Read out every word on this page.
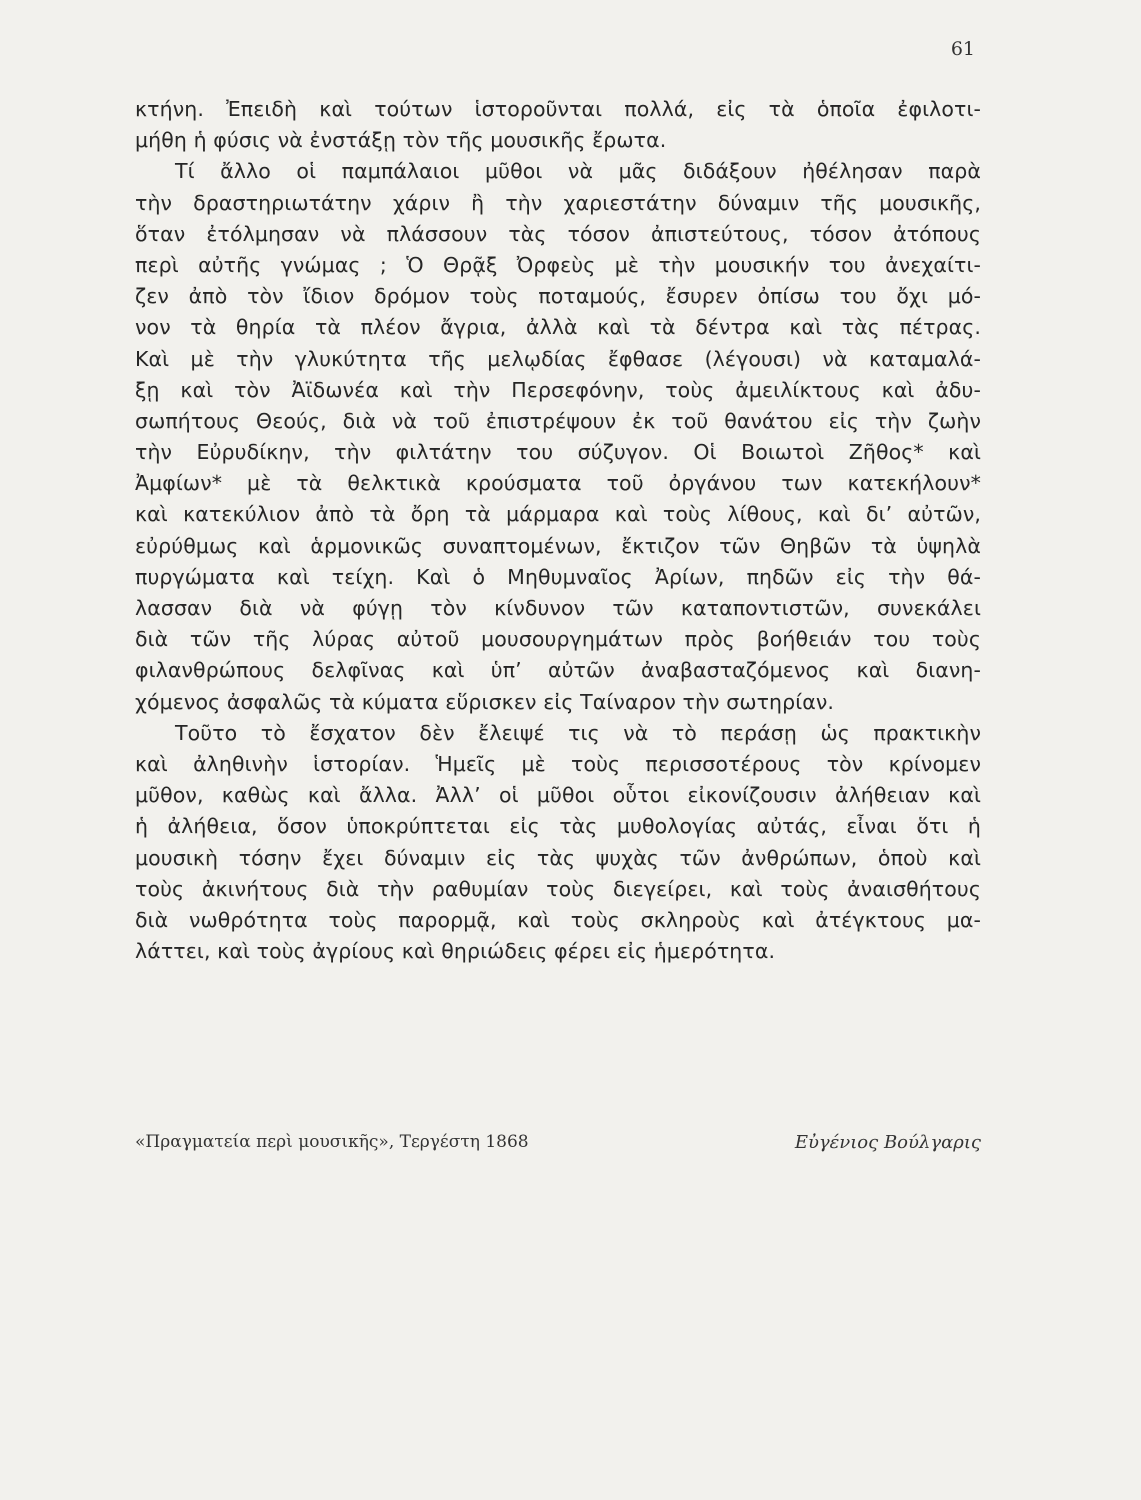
61
κτήνη. Ἐπειδὴ καὶ τούτων ἱστοροῦνται πολλά, εἰς τὰ ὁποῖα ἐφιλοτι-
μήθη ἡ φύσις νὰ ἐνστάξῃ τὸν τῆς μουσικῆς ἔρωτα.
Τί ἄλλο οἱ παμπάλαιοι μῦθοι νὰ μᾶς διδάξουν ἠθέλησαν παρὰ
τὴν δραστηριωτάτην χάριν ἢ τὴν χαριεστάτην δύναμιν τῆς μουσικῆς,
ὅταν ἐτόλμησαν νὰ πλάσσουν τὰς τόσον ἀπιστεύτους, τόσον ἀτόπους
περὶ αὐτῆς γνώμας ; Ὁ Θρᾷξ Ὀρφεὺς μὲ τὴν μουσικήν του ἀνεχαίτι-
ζεν ἀπὸ τὸν ἴδιον δρόμον τοὺς ποταμούς, ἔσυρεν ὀπίσω του ὄχι μό-
νον τὰ θηρία τὰ πλέον ἄγρια, ἀλλὰ καὶ τὰ δέντρα καὶ τὰς πέτρας.
Καὶ μὲ τὴν γλυκύτητα τῆς μελῳδίας ἔφθασε (λέγουσι) νὰ καταμαλά-
ξῃ καὶ τὸν Ἀϊδωνέα καὶ τὴν Περσεφόνην, τοὺς ἀμειλίκτους καὶ ἀδυ-
σωπήτους Θεούς, διὰ νὰ τοῦ ἐπιστρέψουν ἐκ τοῦ θανάτου εἰς τὴν ζωὴν
τὴν Εὐρυδίκην, τὴν φιλτάτην του σύζυγον. Οἱ Βοιωτοὶ Ζῆθος* καὶ
Ἀμφίων* μὲ τὰ θελκτικὰ κρούσματα τοῦ ὀργάνου των κατεκήλουν*
καὶ κατεκύλιον ἀπὸ τὰ ὄρη τὰ μάρμαρα καὶ τοὺς λίθους, καὶ δι’ αὐτῶν,
εὐρύθμως καὶ ἁρμονικῶς συναπτομένων, ἔκτιζον τῶν Θηβῶν τὰ ὑψηλὰ
πυργώματα καὶ τείχη. Καὶ ὁ Μηθυμναῖος Ἀρίων, πηδῶν εἰς τὴν θά-
λασσαν διὰ νὰ φύγῃ τὸν κίνδυνον τῶν καταποντιστῶν, συνεκάλει
διὰ τῶν τῆς λύρας αὐτοῦ μουσουργημάτων πρὸς βοήθειάν του τοὺς
φιλανθρώπους δελφῖνας καὶ ὑπ’ αὐτῶν ἀναβασταζόμενος καὶ διανη-
χόμενος ἀσφαλῶς τὰ κύματα εὕρισκεν εἰς Ταίναρον τὴν σωτηρίαν.
Τοῦτο τὸ ἔσχατον δὲν ἔλειψέ τις νὰ τὸ περάσῃ ὡς πρακτικὴν
καὶ ἀληθινὴν ἱστορίαν. Ἡμεῖς μὲ τοὺς περισσοτέρους τὸν κρίνομεν
μῦθον, καθὼς καὶ ἄλλα. Ἀλλ’ οἱ μῦθοι οὗτοι εἰκονίζουσιν ἀλήθειαν καὶ
ἡ ἀλήθεια, ὅσον ὑποκρύπτεται εἰς τὰς μυθολογίας αὐτάς, εἶναι ὅτι ἡ
μουσικὴ τόσην ἔχει δύναμιν εἰς τὰς ψυχὰς τῶν ἀνθρώπων, ὁποὺ καὶ
τοὺς ἀκινήτους διὰ τὴν ραθυμίαν τοὺς διεγείρει, καὶ τοὺς ἀναισθήτους
διὰ νωθρότητα τοὺς παρορμᾷ, καὶ τοὺς σκληροὺς καὶ ἀτέγκτους μα-
λάττει, καὶ τοὺς ἀγρίους καὶ θηριώδεις φέρει εἰς ἡμερότητα.
«Πραγματεία περὶ μουσικῆς», Τεργέστη 1868	Εὐγένιος Βούλγαρις
